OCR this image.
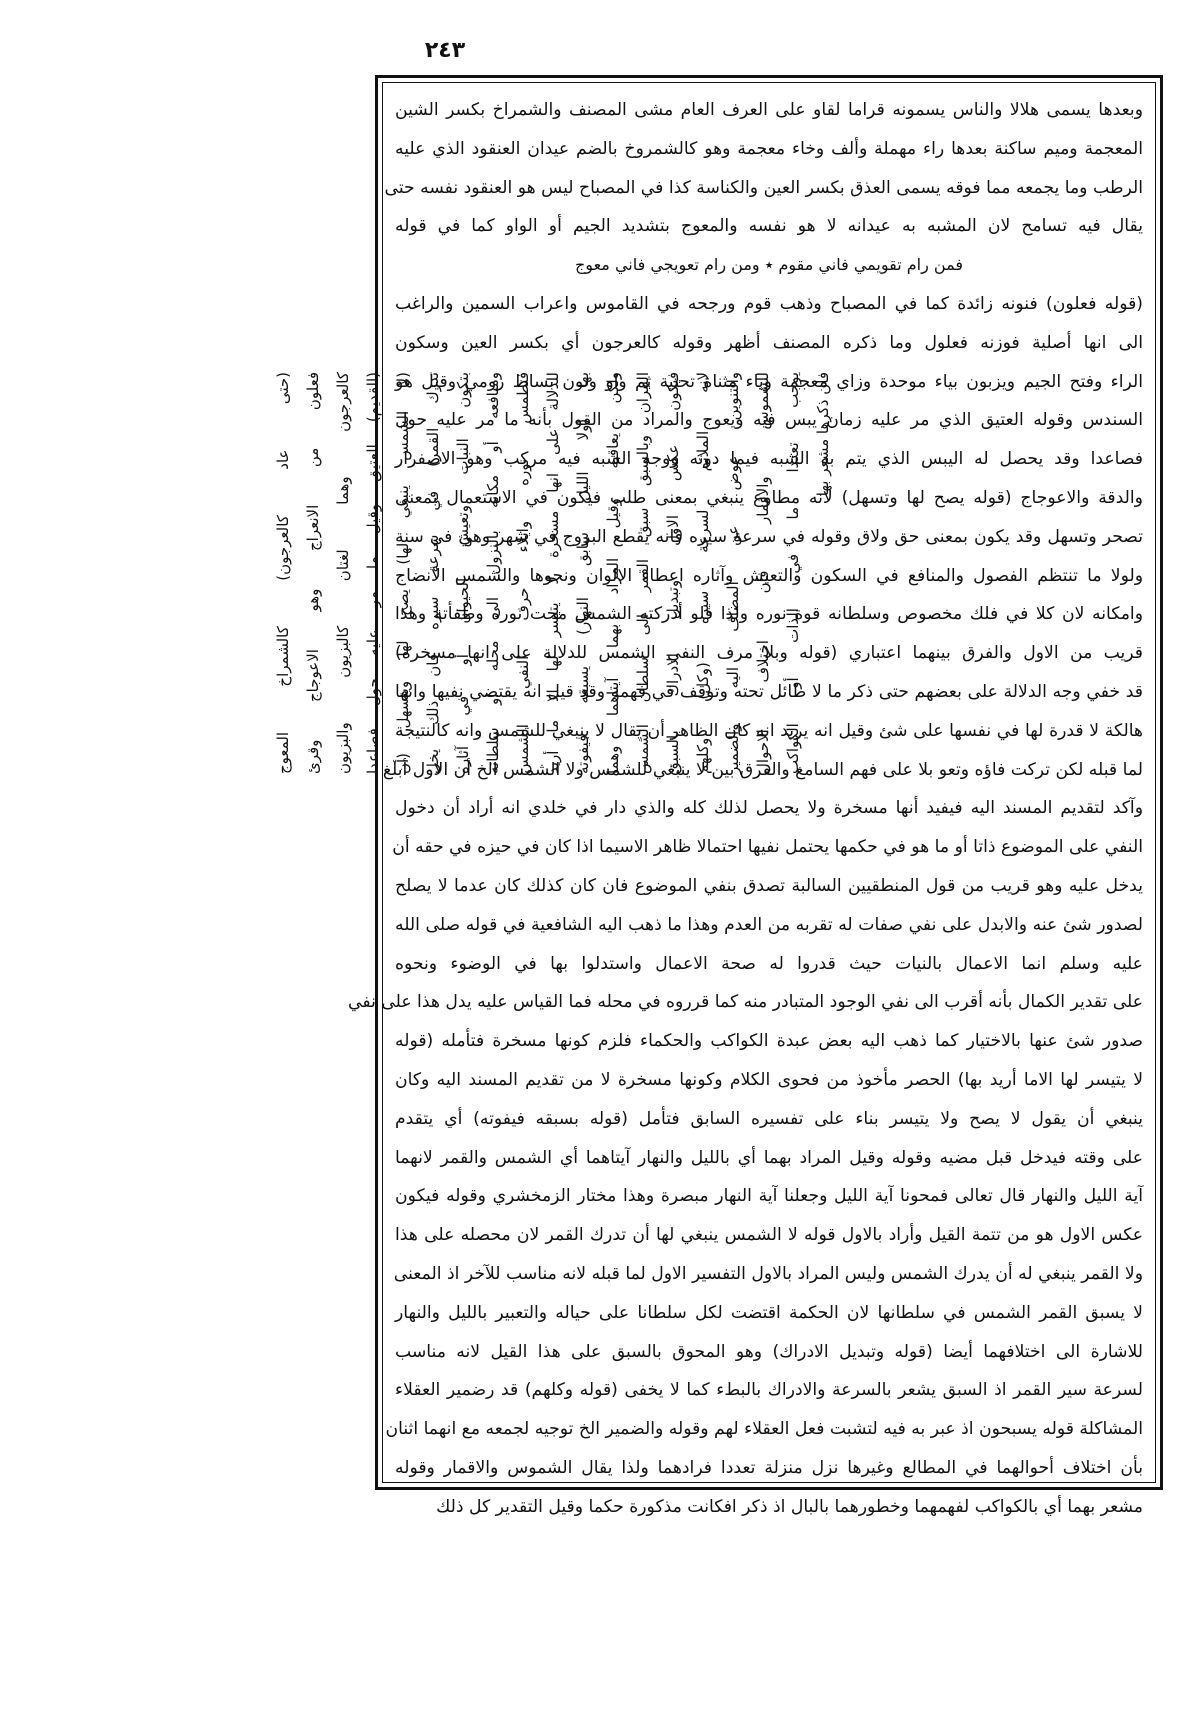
٢٤٣
وبعدها يسمى هلالا والناس يسمونه قراما لقاو على العرف العام مشى المصنف والشمراخ بكسر الشين
المعجمة وميم ساكنة بعدها راء مهملة وألف وخاء معجمة وهو كالشمروخ بالضم عيدان العنقود الذي عليه
الرطب وما يجمعه مما فوقه يسمى العذق بكسر العين والكناسة كذا في المصباح ليس هو العنقود نفسه حتى
يقال فيه تسامح لان المشبه به عيدانه لا هو نفسه والمعوج بتشديد الجيم أو الواو كما في قوله
فمن رام تقويمي فاني مقوم ٭ ومن رام تعويجي فاني معوج
(قوله فعلون) فنونه زائدة كما في المصباح وذهب قوم ورجحه في القاموس واعراب السمين والراغب
الى انها أصلية فوزنه فعلول وما ذكره المصنف أظهر وقوله كالعرجون أي بكسر العين وسكون
الراء وفتح الجيم ويزبون بياء موحدة وزاي معجمة وياء مثناة تحتية ثم واو ونون بساط رومي وقيل هو
السندس وقوله العتيق الذي مر عليه زمان يبس فيه ويعوج والمراد من القول بأنه ما مر عليه حول
فصاعدا وقد يحصل له اليبس الذي يتم به الشبه فيما دونه ووجه الشبه فيه مركب وهو الاصفرار
والدقة والاعوجاج (قوله يصح لها وتسهل) لانه مطاوع ينبغي بمعنى طلب فيكون في الاستعمال بمعنى
تصحر وتسهل وقد يكون بمعنى حق ولاق وقوله في سرعة سيره فانه يقطع البروج في شهر وهي في سنة
ولولا ما تنتظم الفصول والمنافع في السكون والتعيش وآثاره اعطاء الالوان ونحوها والشمس الانضاج
وامكانه لان كلا في فلك مخصوص وسلطانه قوة نوره ولذا فلو أدركته الشمس محت نوره وطفأته وهذا
قريب من الاول والفرق بينهما اعتباري (قوله وبلا مرف النفي الشمس للدلالة على انها مسخرة)
قد خفي وجه الدلالة على بعضهم حتى ذكر ما لا طائل تحته وتوقف في فهمه وقد قيل انه يقتضي نفيها وانها
هالكة لا قدرة لها في نفسها على شئ وقيل انه يريد انه كان الظاهر أن يقال لا ينبغي للشمس وانه كالنتيجة
لما قبله لكن تركت فاؤه وتعو بلا على فهم السامع والفرق بين لا ينبغي للشمس ولا الشمس الخ أن الاول أبلغ
وآكد لتقديم المسند اليه فيفيد أنها مسخرة ولا يحصل لذلك كله والذي دار في خلدي انه أراد أن دخول
النفي على الموضوع ذاتا أو ما هو في حكمها يحتمل نفيها احتمالا ظاهر الاسيما اذا كان في حيزه في حقه أن
يدخل عليه وهو قريب من قول المنطقيين السالبة تصدق بنفي الموضوع فان كان كذلك كان عدما لا يصلح
لصدور شئ عنه والابدل على نفي صفات له تقربه من العدم وهذا ما ذهب اليه الشافعية في قوله صلى الله
عليه وسلم انما الاعمال بالنيات حيث قدروا له صحة الاعمال واستدلوا بها في الوضوء ونحوه
على تقدير الكمال بأنه أقرب الى نفي الوجود المتبادر منه كما قرروه في محله فما القياس عليه يدل هذا على نفي
صدور شئ عنها بالاختيار كما ذهب اليه بعض عبدة الكواكب والحكماء فلزم كونها مسخرة فتأمله (قوله
لا يتيسر لها الاما أريد بها) الحصر مأخوذ من فحوى الكلام وكونها مسخرة لا من تقديم المسند اليه وكان
ينبغي أن يقول لا يصح ولا يتيسر بناء على تفسيره السابق فتأمل (قوله بسبقه فيفوته) أي يتقدم
على وقته فيدخل قبل مضيه وقوله وقيل المراد بهما أي بالليل والنهار آيتاهما أي الشمس والقمر لانهما
آية الليل والنهار قال تعالى فمحونا آية الليل وجعلنا آية النهار مبصرة وهذا مختار الزمخشري وقوله فيكون
عكس الاول هو من تتمة القيل وأراد بالاول قوله لا الشمس ينبغي لها أن تدرك القمر لان محصله على هذا
ولا القمر ينبغي له أن يدرك الشمس وليس المراد بالاول التفسير الاول لما قبله لانه مناسب للآخر اذ المعنى
لا يسبق القمر الشمس في سلطانها لان الحكمة اقتضت لكل سلطانا على حياله والتعبير بالليل والنهار
للاشارة الى اختلافهما أيضا (قوله وتبديل الادراك) وهو المحوق بالسبق على هذا القيل لانه مناسب
لسرعة سير القمر اذ السبق يشعر بالسرعة والادراك بالبطء كما لا يخفى (قوله وكلهم) قد رضمير العقلاء
المشاكلة قوله يسبحون اذ عبر به فيه لتشبت فعل العقلاء لهم وقوله والضمير الخ توجيه لجمعه مع انهما اثنان
بأن اختلاف أحوالهما في المطالع وغيرها نزل منزلة تعددا فرادهما ولذا يقال الشموس والاقمار وقوله
مشعر بهما أي بالكواكب لفهمهما وخطورهما بالبال اذ ذكر افكانت مذكورة حكما وقيل التقدير كل ذلك
(حتى عاد كالعرجون) كالشمراخ المعوج فعلون من الانعراج وهو الاعوجاج وقرئ كالعرجون وهما لغتان كالبزيون والبزيون (القديم) العتيق وقيل ما مر عليه حول فصاعدا (لا الشمس ينبغي لها) يصح لها ويتسهل (أن تدرك القمر) في سرعة سيره فان ذلك يخل بتكون النبات وتعيش الحيوان أو في آثاره ومنافعه أو مكانه بالنزول الى محله أو سلطانه فتطمس نوره وايلاء حرف النفي الشمس للدلالة على انها مسخرة لا يتيسر لها الا ما أريد بها (ولا الليل سابق النهار) يسبقه فيفوته ولكن يعاقبه وقيل المراد بهما آيتاهما وهما النيران وبالسبق سبق القمر الى سلطان الشمس فيكون عكس الاول وتبديل الادراك بالسبق لانه الملائم لسرعة سيره (وكل) وكلهم والتنوين عوض عن المضاف اليه والضمير للشموس والاقمار فان اختلاف الاحوال يوجب تعددا ما في الذات أو الكواكب فان ذكرها مشعر بها
